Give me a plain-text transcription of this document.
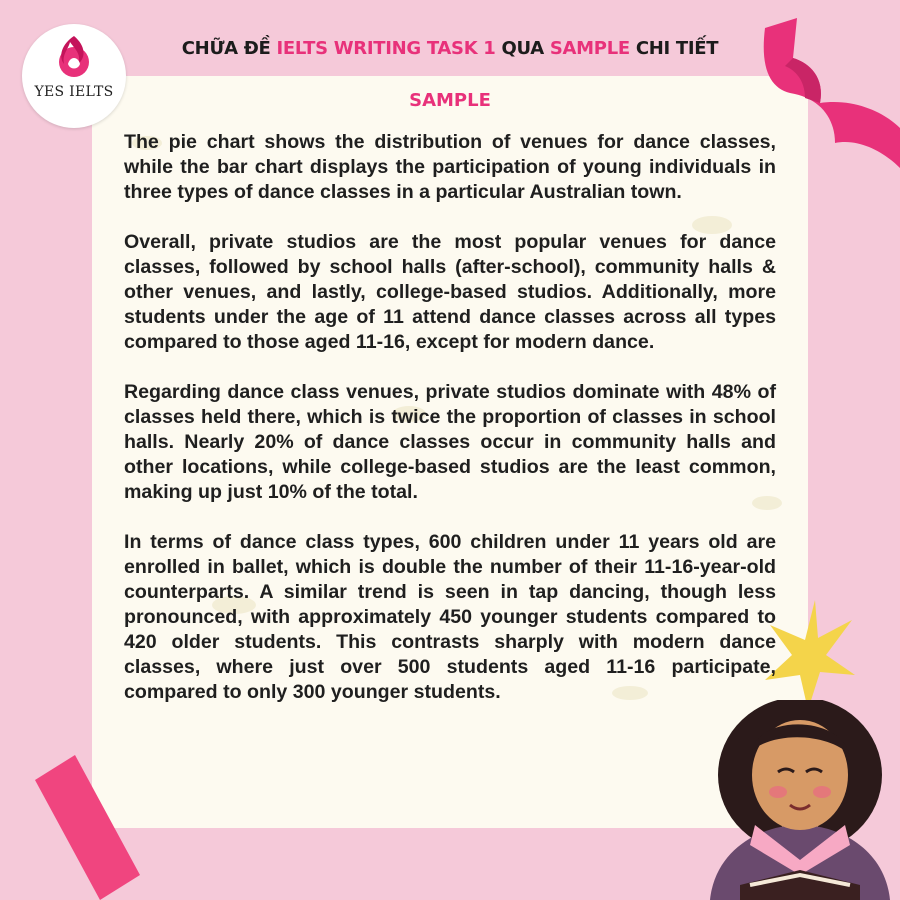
YES IELTS
CHỮA ĐỀ IELTS WRITING TASK 1 QUA SAMPLE CHI TIẾT
SAMPLE

The pie chart shows the distribution of venues for dance classes, while the bar chart displays the participation of young individuals in three types of dance classes in a particular Australian town.

Overall, private studios are the most popular venues for dance classes, followed by school halls (after-school), community halls & other venues, and lastly, college-based studios. Additionally, more students under the age of 11 attend dance classes across all types compared to those aged 11-16, except for modern dance.

Regarding dance class venues, private studios dominate with 48% of classes held there, which is twice the proportion of classes in school halls. Nearly 20% of dance classes occur in community halls and other locations, while college-based studios are the least common, making up just 10% of the total.

In terms of dance class types, 600 children under 11 years old are enrolled in ballet, which is double the number of their 11-16-year-old counterparts. A similar trend is seen in tap dancing, though less pronounced, with approximately 450 younger students compared to 420 older students. This contrasts sharply with modern dance classes, where just over 500 students aged 11-16 participate, compared to only 300 younger students.
